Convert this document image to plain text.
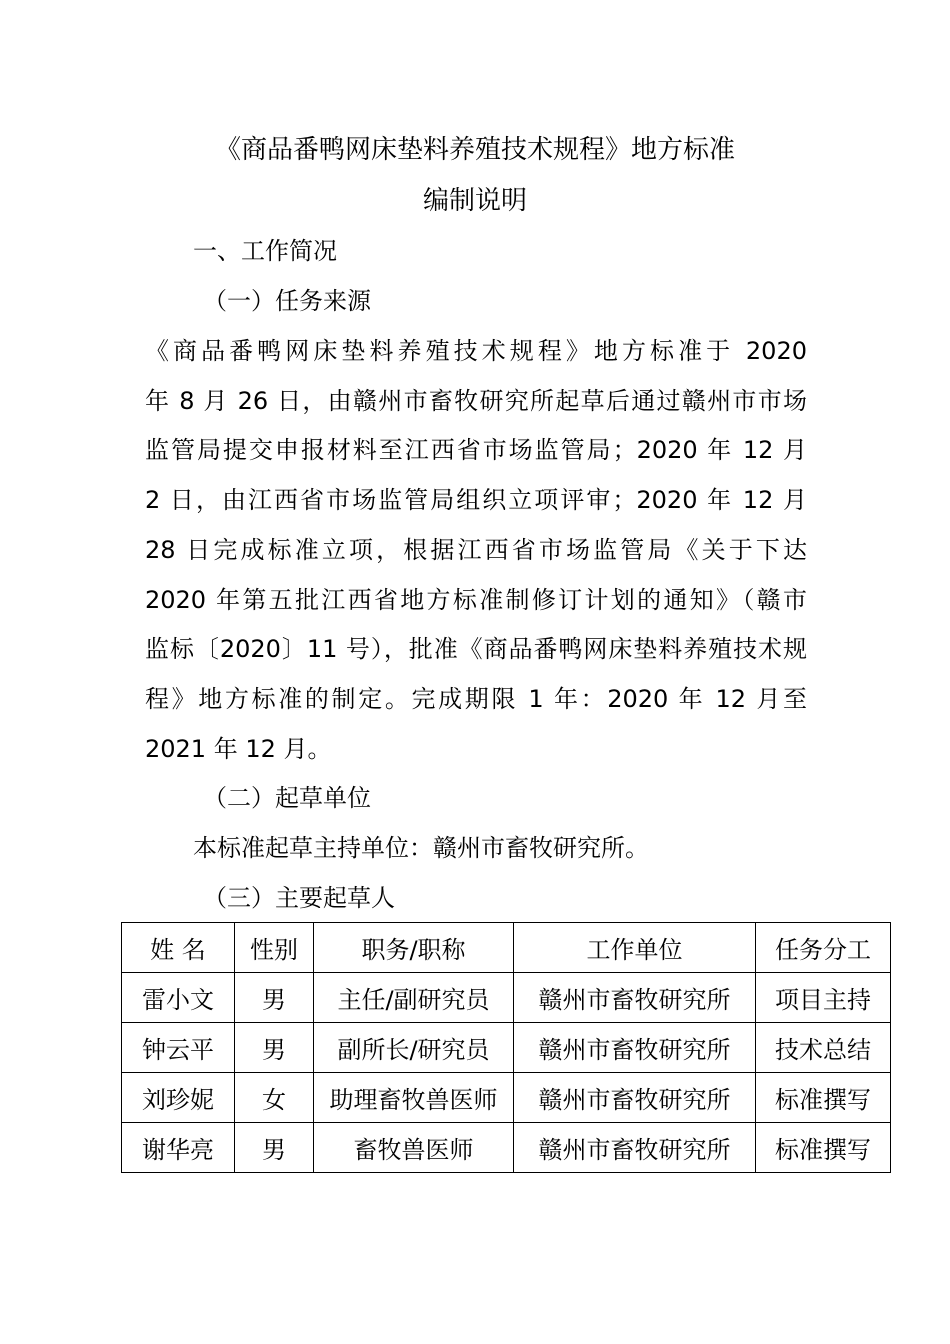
《商品番鸭网床垫料养殖技术规程》地方标准
编制说明
一、工作简况
（一）任务来源
《商品番鸭网床垫料养殖技术规程》地方标准于 2020
年 8 月 26 日，由赣州市畜牧研究所起草后通过赣州市市场
监管局提交申报材料至江西省市场监管局；2020 年 12 月
2 日，由江西省市场监管局组织立项评审；2020 年 12 月
28 日完成标准立项，根据江西省市场监管局《关于下达
2020 年第五批江西省地方标准制修订计划的通知》（赣市
监标〔2020〕11 号），批准《商品番鸭网床垫料养殖技术规
程》地方标准的制定。完成期限 1 年：2020 年 12 月至
2021 年 12 月。
（二）起草单位
本标准起草主持单位：赣州市畜牧研究所。
（三）主要起草人
姓 名	性别	职务/职称	工作单位	任务分工
雷小文	男	主任/副研究员	赣州市畜牧研究所	项目主持
钟云平	男	副所长/研究员	赣州市畜牧研究所	技术总结
刘珍妮	女	助理畜牧兽医师	赣州市畜牧研究所	标准撰写
谢华亮	男	畜牧兽医师	赣州市畜牧研究所	标准撰写
